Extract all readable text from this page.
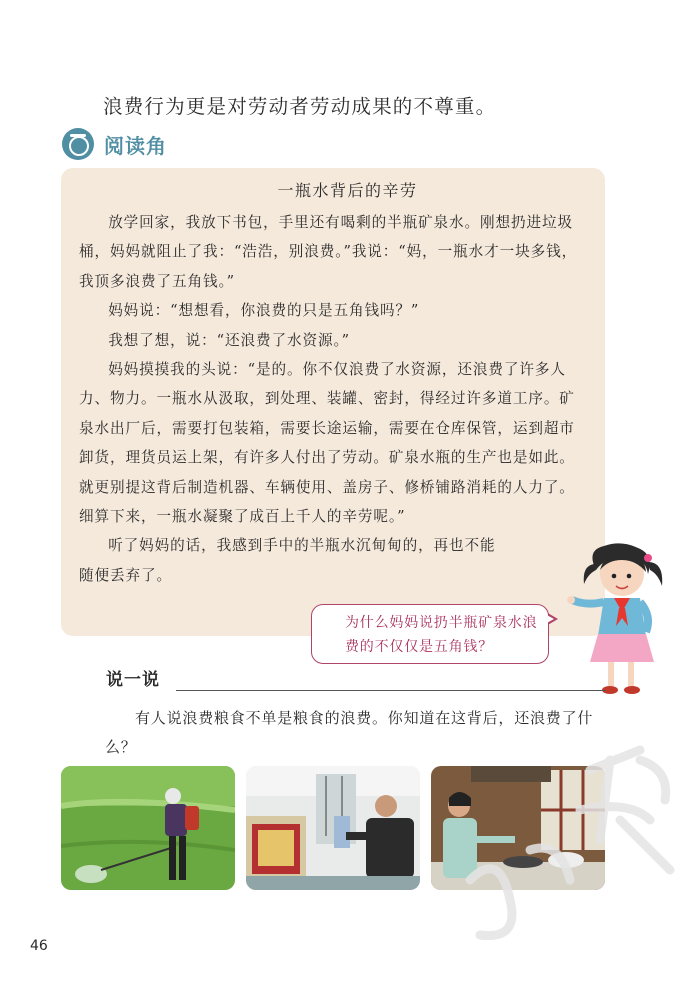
浪费行为更是对劳动者劳动成果的不尊重。
阅读角
一瓶水背后的辛劳

放学回家，我放下书包，手里还有喝剩的半瓶矿泉水。刚想扔进垃圾桶，妈妈就阻止了我：“浩浩，别浪费。”我说：“妈，一瓶水才一块多钱，我顶多浪费了五角钱。”

妈妈说：“想想看，你浪费的只是五角钱吗？”

我想了想，说：“还浪费了水资源。”

妈妈摸摸我的头说：“是的。你不仅浪费了水资源，还浪费了许多人力、物力。一瓶水从汲取，到处理、装罐、密封，得经过许多道工序。矿泉水出厂后，需要打包装箱，需要长途运输，需要在仓库保管，运到超市卸货，理货员运上架，有许多人付出了劳动。矿泉水瓶的生产也是如此。就更别提这背后制造机器、车辆使用、盖房子、修桥铺路消耗的人力了。细算下来，一瓶水凝聚了成百上千人的辛劳呢。”

听了妈妈的话，我感到手中的半瓶水沉甸甸的，再也不能随便丢弃了。

为什么妈妈说扔半瓶矿泉水浪费的不仅仅是五角钱？
说一说

有人说浪费粮食不单是粮食的浪费。你知道在这背后，还浪费了什么？

46
